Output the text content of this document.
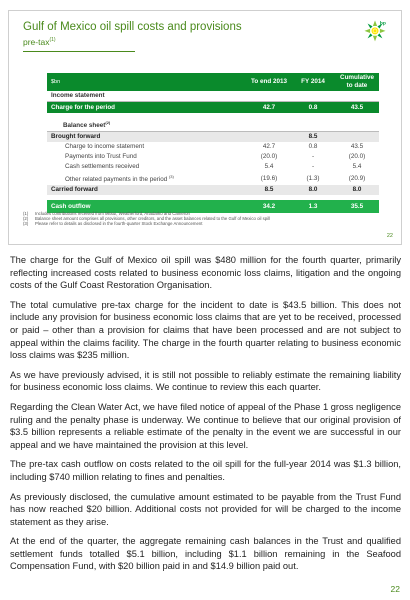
Gulf of Mexico oil spill costs and provisions
pre-tax$^{(1)}$
bp
$bn	To end 2013	FY 2014	Cumulative to date
Income statement			
Charge for the period	42.7	0.8	43.5

Balance sheet$^{(2)}$
Brought forward		8.5	
Charge to income statement	42.7	0.8	43.5
Payments into Trust Fund	(20.0)	-	(20.0)
Cash settlements received	5.4	-	5.4
Other related payments in the period $^{(3)}$	(19.6)	(1.3)	(20.9)
Carried forward	8.5	8.0	8.0

Cash outflow	34.2	1.3	35.5
(1) Includes contributions received from Mitsui, Weatherford, Anadarko and Cameron
(2) Balance sheet amount comprises all provisions, other creditors, and the asset balances related to the Gulf of Mexico oil spill
(3) Please refer to details as disclosed in the fourth-quarter Stock Exchange Announcement
22

The charge for the Gulf of Mexico oil spill was $480 million for the fourth quarter, primarily reflecting increased costs related to business economic loss claims, litigation and the ongoing costs of the Gulf Coast Restoration Organisation.

The total cumulative pre-tax charge for the incident to date is $43.5 billion. This does not include any provision for business economic loss claims that are yet to be received, processed or paid – other than a provision for claims that have been processed and are not subject to appeal within the claims facility. The charge in the fourth quarter relating to business economic loss claims was $235 million.

As we have previously advised, it is still not possible to reliably estimate the remaining liability for business economic loss claims. We continue to review this each quarter.

Regarding the Clean Water Act, we have filed notice of appeal of the Phase 1 gross negligence ruling and the penalty phase is underway. We continue to believe that our original provision of $3.5 billion represents a reliable estimate of the penalty in the event we are successful in our appeal and we have maintained the provision at this level.

The pre-tax cash outflow on costs related to the oil spill for the full-year 2014 was $1.3 billion, including $740 million relating to fines and penalties.

As previously disclosed, the cumulative amount estimated to be payable from the Trust Fund has now reached $20 billion. Additional costs not provided for will be charged to the income statement as they arise.

At the end of the quarter, the aggregate remaining cash balances in the Trust and qualified settlement funds totalled $5.1 billion, including $1.1 billion remaining in the Seafood Compensation Fund, with $20 billion paid in and $14.9 billion paid out.

22
